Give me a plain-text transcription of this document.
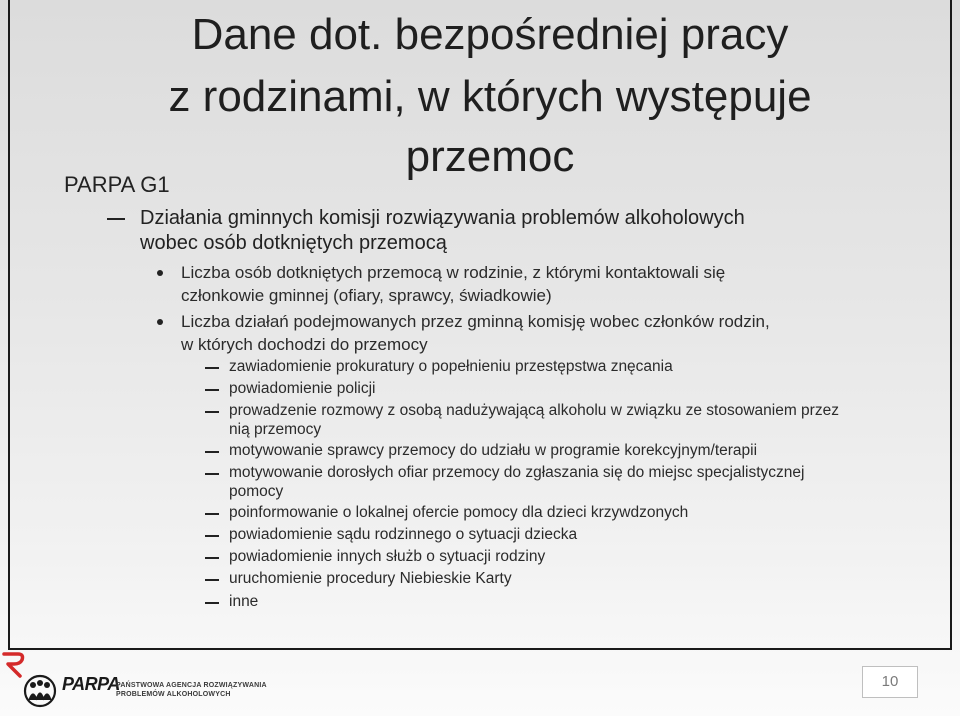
Dane dot. bezpośredniej pracy
z rodzinami, w których występuje
przemoc
PARPA G1
Działania gminnych komisji rozwiązywania problemów alkoholowych
wobec osób dotkniętych przemocą
Liczba osób dotkniętych przemocą w rodzinie, z którymi kontaktowali się
członkowie gminnej (ofiary, sprawcy, świadkowie)
Liczba działań podejmowanych przez gminną komisję wobec członków rodzin,
w których dochodzi do przemocy
zawiadomienie prokuratury o popełnieniu przestępstwa znęcania
powiadomienie policji
prowadzenie rozmowy z osobą nadużywającą alkoholu w związku ze stosowaniem przez
nią przemocy
motywowanie sprawcy przemocy do udziału w programie korekcyjnym/terapii
motywowanie dorosłych ofiar przemocy do zgłaszania się do miejsc specjalistycznej
pomocy
poinformowanie o lokalnej ofercie pomocy dla dzieci krzywdzonych
powiadomienie sądu rodzinnego o sytuacji dziecka
powiadomienie innych służb o sytuacji rodziny
uruchomienie procedury Niebieskie Karty
inne
PARPA
PAŃSTWOWA AGENCJA ROZWIĄZYWANIA
PROBLEMÓW ALKOHOLOWYCH
10
